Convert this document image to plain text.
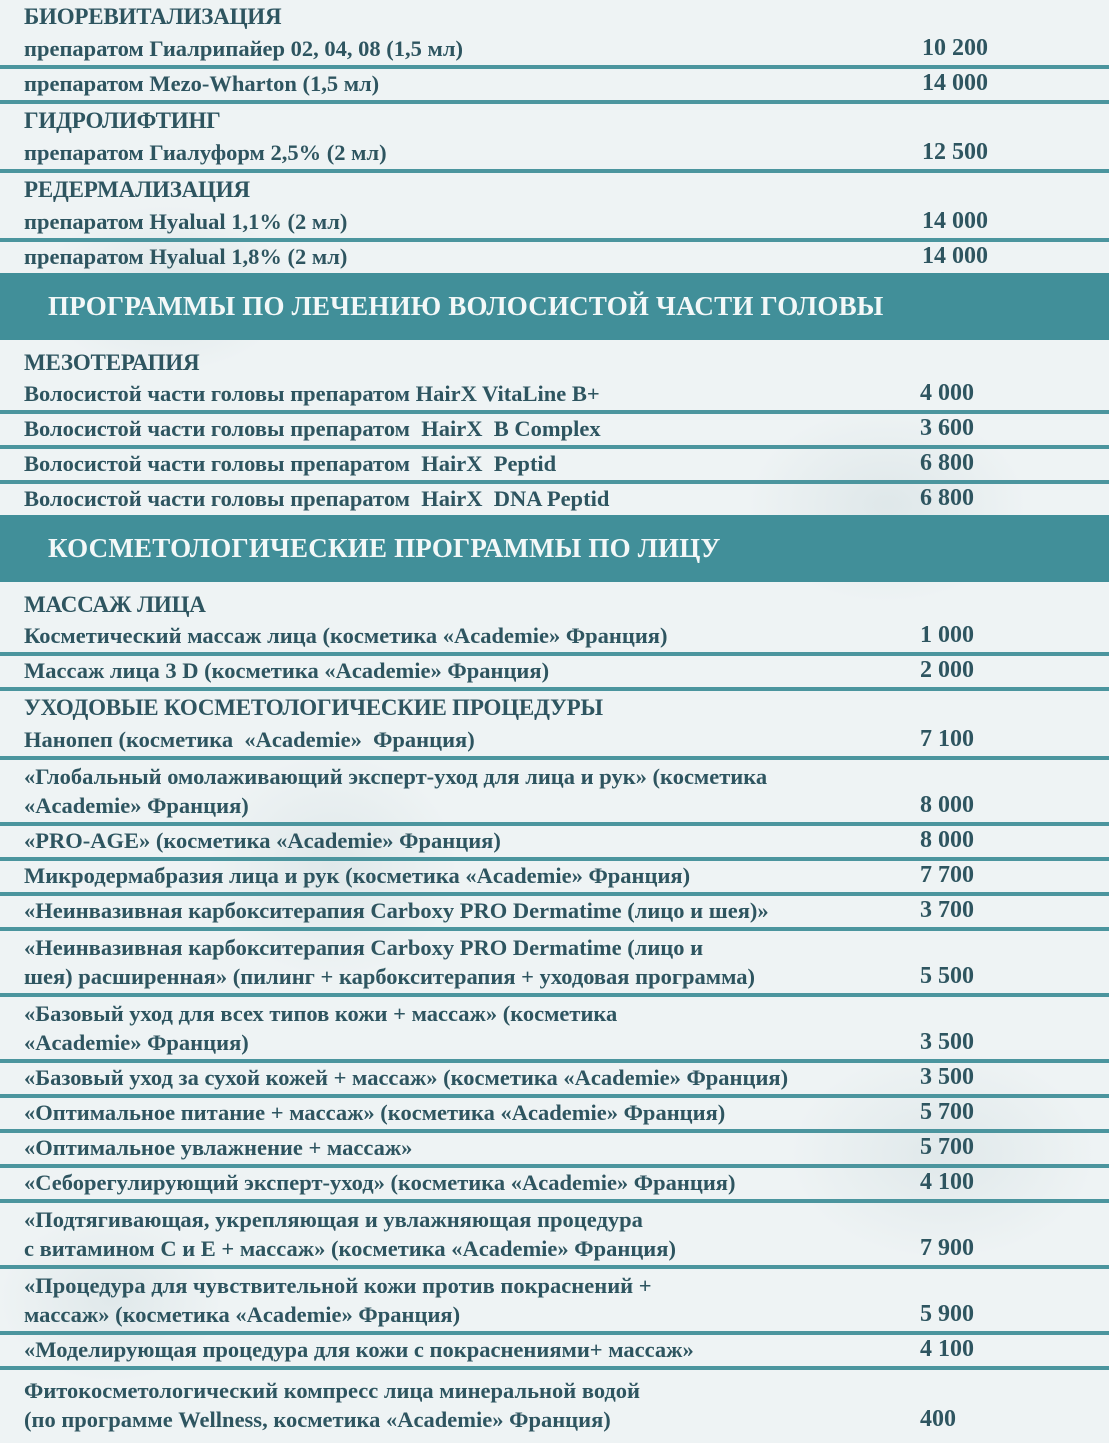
БИОРЕВИТАЛИЗАЦИЯ
препаратом Гиалрипайер 02, 04, 08 (1,5 мл)	10 200
препаратом Mezo-Wharton (1,5 мл)	14 000
ГИДРОЛИФТИНГ
препаратом Гиалуформ 2,5% (2 мл)	12 500
РЕДЕРМАЛИЗАЦИЯ
препаратом Hyalual 1,1% (2 мл)	14 000
препаратом Hyalual 1,8% (2 мл)	14 000
ПРОГРАММЫ ПО ЛЕЧЕНИЮ ВОЛОСИСТОЙ ЧАСТИ ГОЛОВЫ
МЕЗОТЕРАПИЯ
Волосистой части головы препаратом HairX VitaLine B+	4 000
Волосистой части головы препаратом  HairX  B Complex	3 600
Волосистой части головы препаратом  HairX  Peptid	6 800
Волосистой части головы препаратом  HairX  DNA Peptid	6 800
КОСМЕТОЛОГИЧЕСКИЕ ПРОГРАММЫ ПО ЛИЦУ
МАССАЖ ЛИЦА
Косметический массаж лица (косметика «Academie» Франция)	1 000
Массаж лица 3 D (косметика «Academie» Франция)	2 000
УХОДОВЫЕ КОСМЕТОЛОГИЧЕСКИЕ ПРОЦЕДУРЫ
Нанопеп (косметика  «Academie»  Франция)	7 100
«Глобальный омолаживающий эксперт-уход для лица и рук» (косметика
«Academie» Франция)	8 000
«PRO-AGE» (косметика «Academie» Франция)	8 000
Микродермабразия лица и рук (косметика «Academie» Франция)	7 700
«Неинвазивная карбокситерапия Carboxy PRO Dermatime (лицо и шея)»	3 700
«Неинвазивная карбокситерапия Carboxy PRO Dermatime (лицо и
шея) расширенная» (пилинг + карбокситерапия + уходовая программа)	5 500
«Базовый уход для всех типов кожи + массаж» (косметика
«Academie» Франция)	3 500
«Базовый уход за сухой кожей + массаж» (косметика «Academie» Франция)	3 500
«Оптимальное питание + массаж» (косметика «Academie» Франция)	5 700
«Оптимальное увлажнение + массаж»	5 700
«Себорегулирующий эксперт-уход» (косметика «Academie» Франция)	4 100
«Подтягивающая, укрепляющая и увлажняющая процедура
с витамином С и Е + массаж» (косметика «Academie» Франция)	7 900
«Процедура для чувствительной кожи против покраснений +
массаж» (косметика «Academie» Франция)	5 900
«Моделирующая процедура для кожи с покраснениями+ массаж»	4 100
Фитокосметологический компресс лица минеральной водой
(по программе Wellness, косметика «Academie» Франция)	400
